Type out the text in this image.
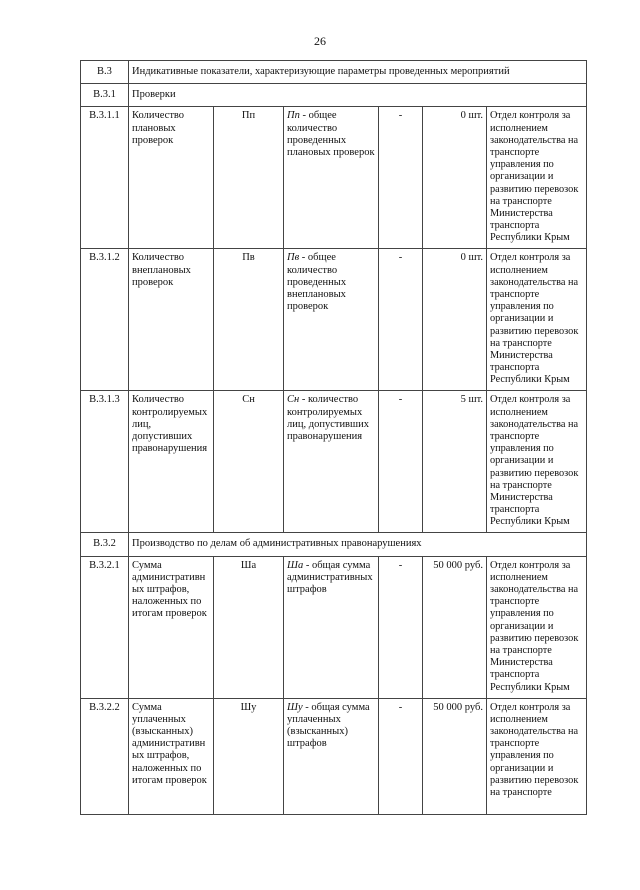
26
В.3	Индикативные показатели, характеризующие параметры проведенных мероприятий					
В.3.1	Проверки					
В.3.1.1	Количество плановых проверок	Пп	Пп - общее количество проведенных плановых проверок	-	0 шт.	Отдел контроля за исполнением законодательства на транспорте управления по организации и развитию перевозок на транспорте Министерства транспорта Республики Крым
В.3.1.2	Количество внеплановых проверок	Пв	Пв - общее количество проведенных внеплановых проверок	-	0 шт.	Отдел контроля за исполнением законодательства на транспорте управления по организации и развитию перевозок на транспорте Министерства транспорта Республики Крым
В.3.1.3	Количество контролируемых лиц, допустивших правонарушения	Сн	Сн - количество контролируемых лиц, допустивших правонарушения	-	5 шт.	Отдел контроля за исполнением законодательства на транспорте управления по организации и развитию перевозок на транспорте Министерства транспорта Республики Крым
В.3.2	Производство по делам об административных правонарушениях					
В.3.2.1	Сумма административных штрафов, наложенных по итогам проверок	Ша	Ша - общая сумма административных штрафов	-	50 000 руб.	Отдел контроля за исполнением законодательства на транспорте управления по организации и развитию перевозок на транспорте Министерства транспорта Республики Крым
В.3.2.2	Сумма уплаченных (взысканных) административных штрафов, наложенных по итогам проверок	Шу	Шу - общая сумма уплаченных (взысканных) штрафов	-	50 000 руб.	Отдел контроля за исполнением законодательства на транспорте управления по организации и развитию перевозок на транспорте
